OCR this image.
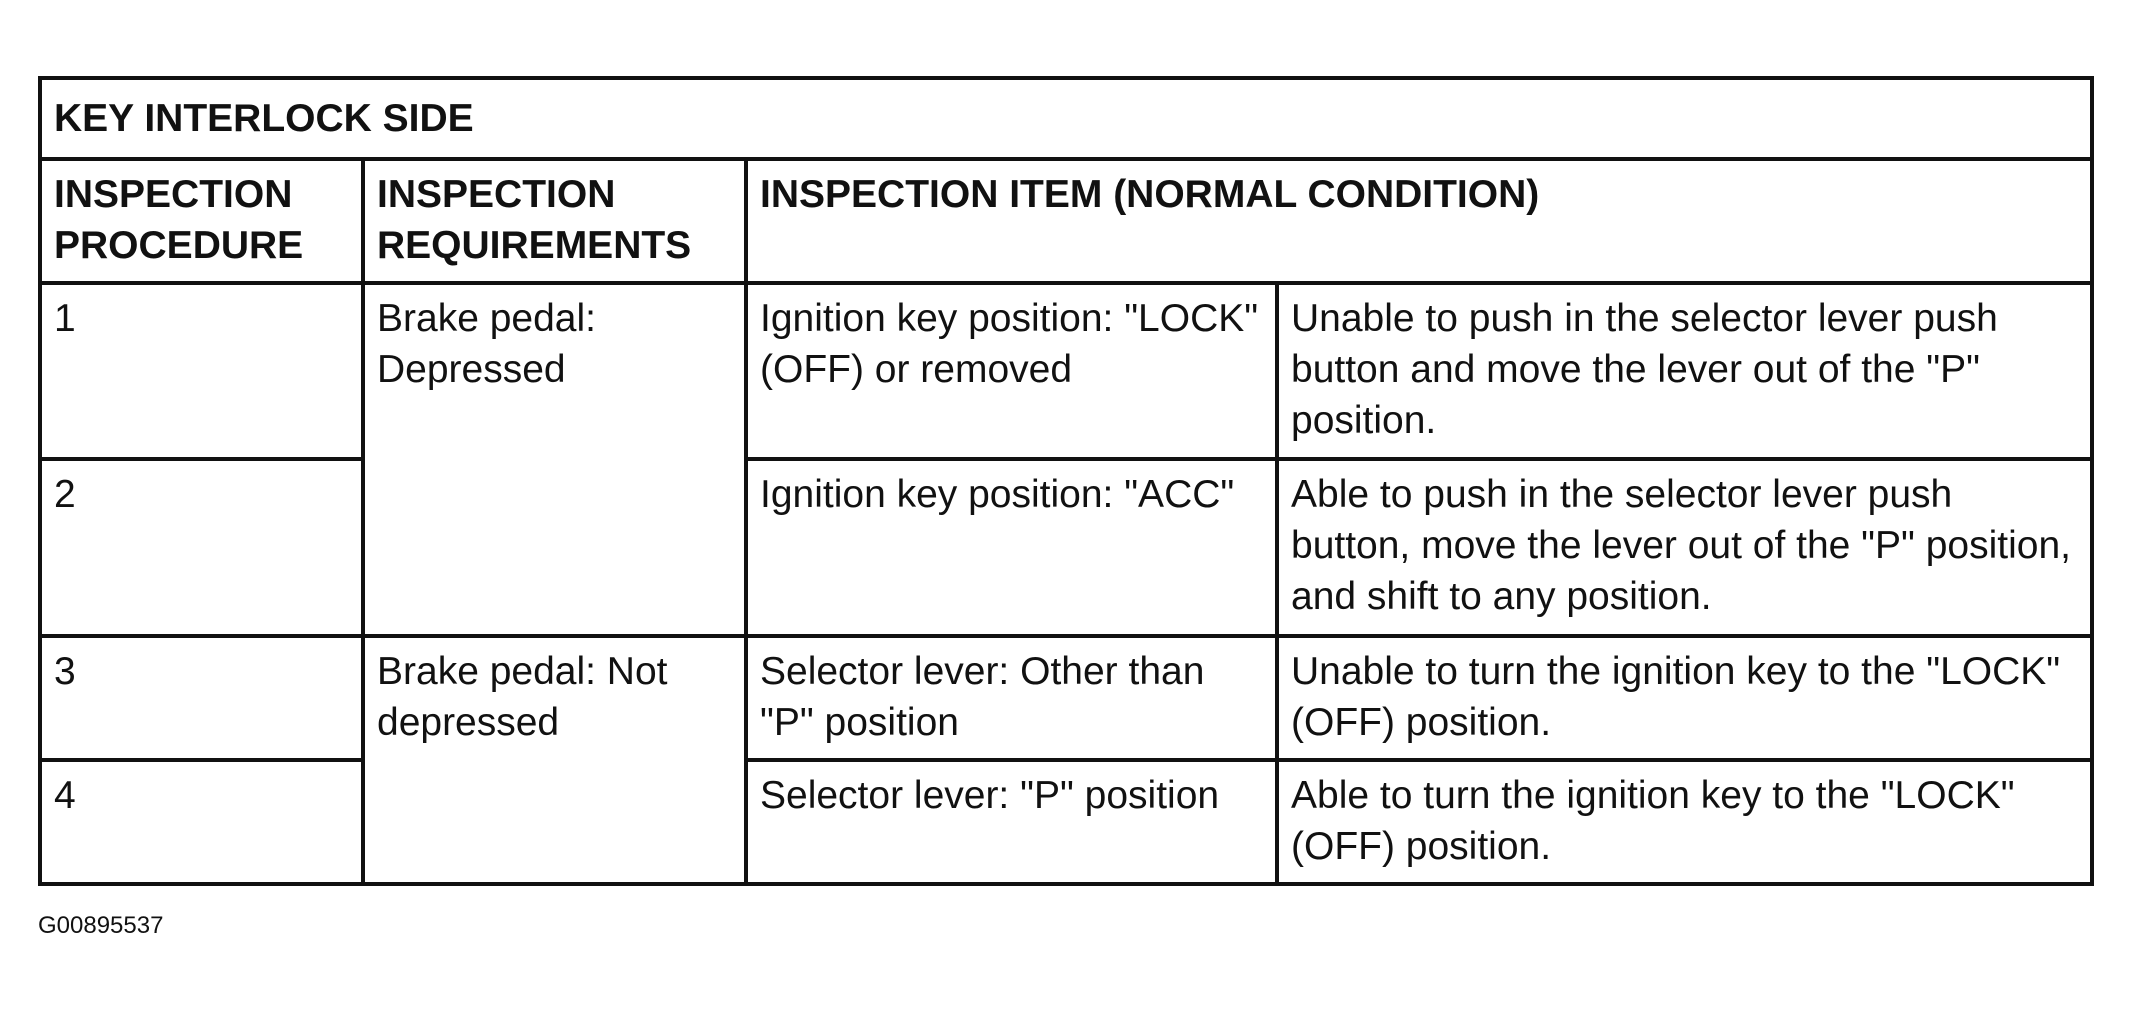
KEY INTERLOCK SIDE			
INSPECTION PROCEDURE	INSPECTION REQUIREMENTS	INSPECTION ITEM (NORMAL CONDITION)	
1	Brake pedal: Depressed	Ignition key position: "LOCK" (OFF) or removed	Unable to push in the selector lever push button and move the lever out of the "P" position.
2		Ignition key position: "ACC"	Able to push in the selector lever push button, move the lever out of the "P" position, and shift to any position.
3	Brake pedal: Not depressed	Selector lever: Other than "P" position	Unable to turn the ignition key to the "LOCK" (OFF) position.
4		Selector lever: "P" position	Able to turn the ignition key to the "LOCK" (OFF) position.
G00895537
